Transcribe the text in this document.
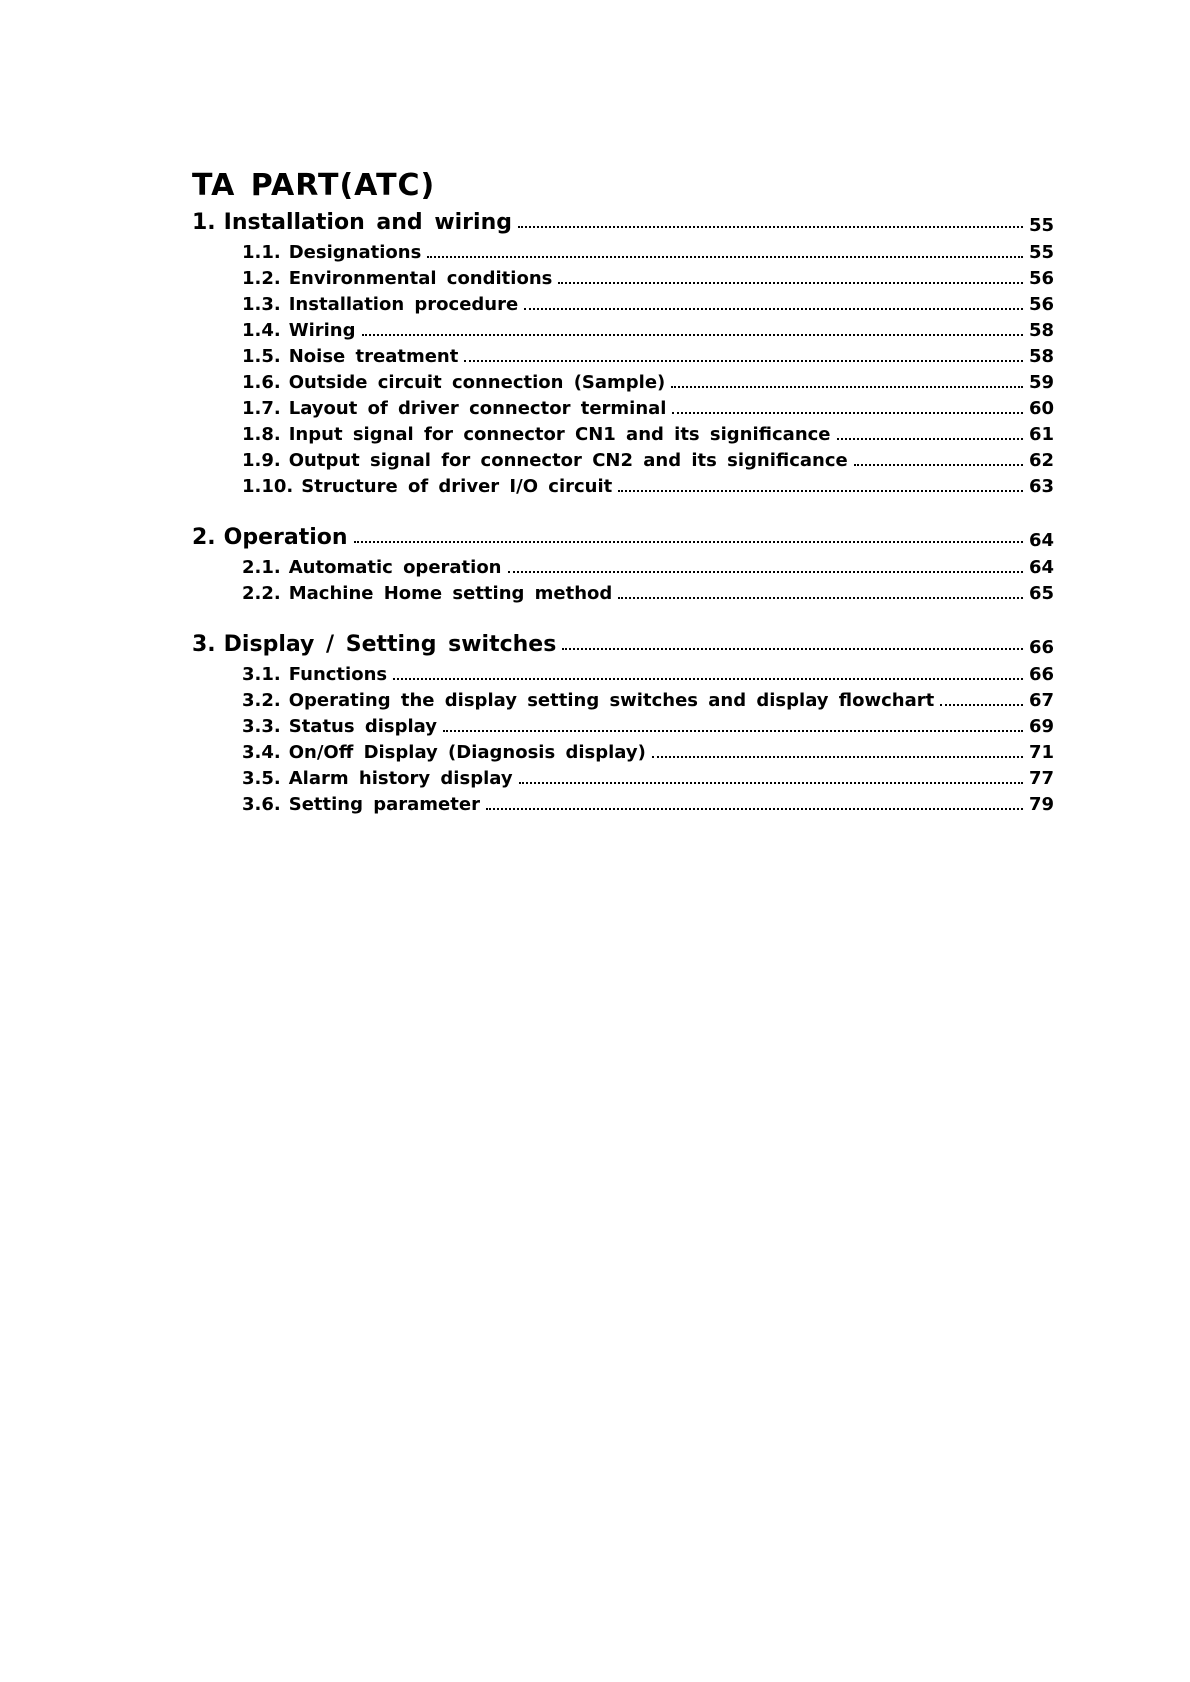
TA PART(ATC)
1. Installation and wiring	55
1.1. Designations	55
1.2. Environmental conditions	56
1.3. Installation procedure	56
1.4. Wiring	58
1.5. Noise treatment	58
1.6. Outside circuit connection (Sample)	59
1.7. Layout of driver connector terminal	60
1.8. Input signal for connector CN1 and its significance	61
1.9. Output signal for connector CN2 and its significance	62
1.10. Structure of driver I/O circuit	63
2. Operation	64
2.1. Automatic operation	64
2.2. Machine Home setting method	65
3. Display / Setting switches	66
3.1. Functions	66
3.2. Operating the display setting switches and display flowchart	67
3.3. Status display	69
3.4. On/Off Display (Diagnosis display)	71
3.5. Alarm history display	77
3.6. Setting parameter	79
